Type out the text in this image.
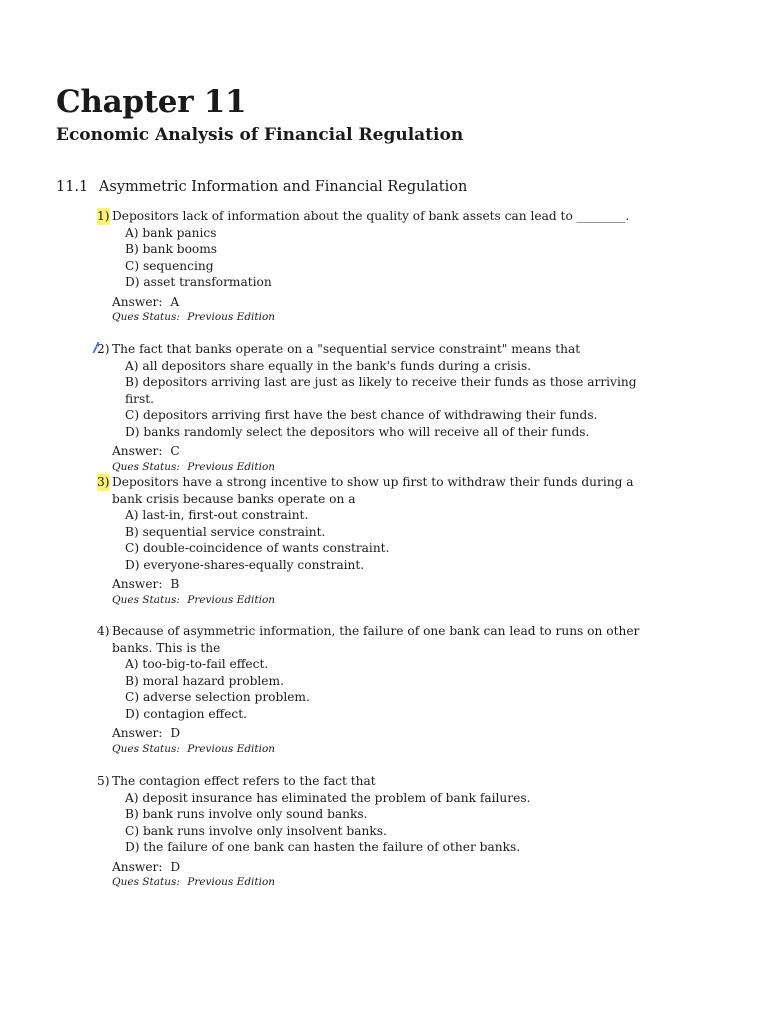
Chapter 11
Economic Analysis of Financial Regulation
11.1 Asymmetric Information and Financial Regulation
1) Depositors lack of information about the quality of bank assets can lead to ________.
A) bank panics
B) bank booms
C) sequencing
D) asset transformation
Answer: A
Ques Status: Previous Edition
2) The fact that banks operate on a "sequential service constraint" means that
A) all depositors share equally in the bank's funds during a crisis.
B) depositors arriving last are just as likely to receive their funds as those arriving first.
C) depositors arriving first have the best chance of withdrawing their funds.
D) banks randomly select the depositors who will receive all of their funds.
Answer: C
Ques Status: Previous Edition
3) Depositors have a strong incentive to show up first to withdraw their funds during a bank crisis because banks operate on a
A) last-in, first-out constraint.
B) sequential service constraint.
C) double-coincidence of wants constraint.
D) everyone-shares-equally constraint.
Answer: B
Ques Status: Previous Edition
4) Because of asymmetric information, the failure of one bank can lead to runs on other banks. This is the
A) too-big-to-fail effect.
B) moral hazard problem.
C) adverse selection problem.
D) contagion effect.
Answer: D
Ques Status: Previous Edition
5) The contagion effect refers to the fact that
A) deposit insurance has eliminated the problem of bank failures.
B) bank runs involve only sound banks.
C) bank runs involve only insolvent banks.
D) the failure of one bank can hasten the failure of other banks.
Answer: D
Ques Status: Previous Edition
